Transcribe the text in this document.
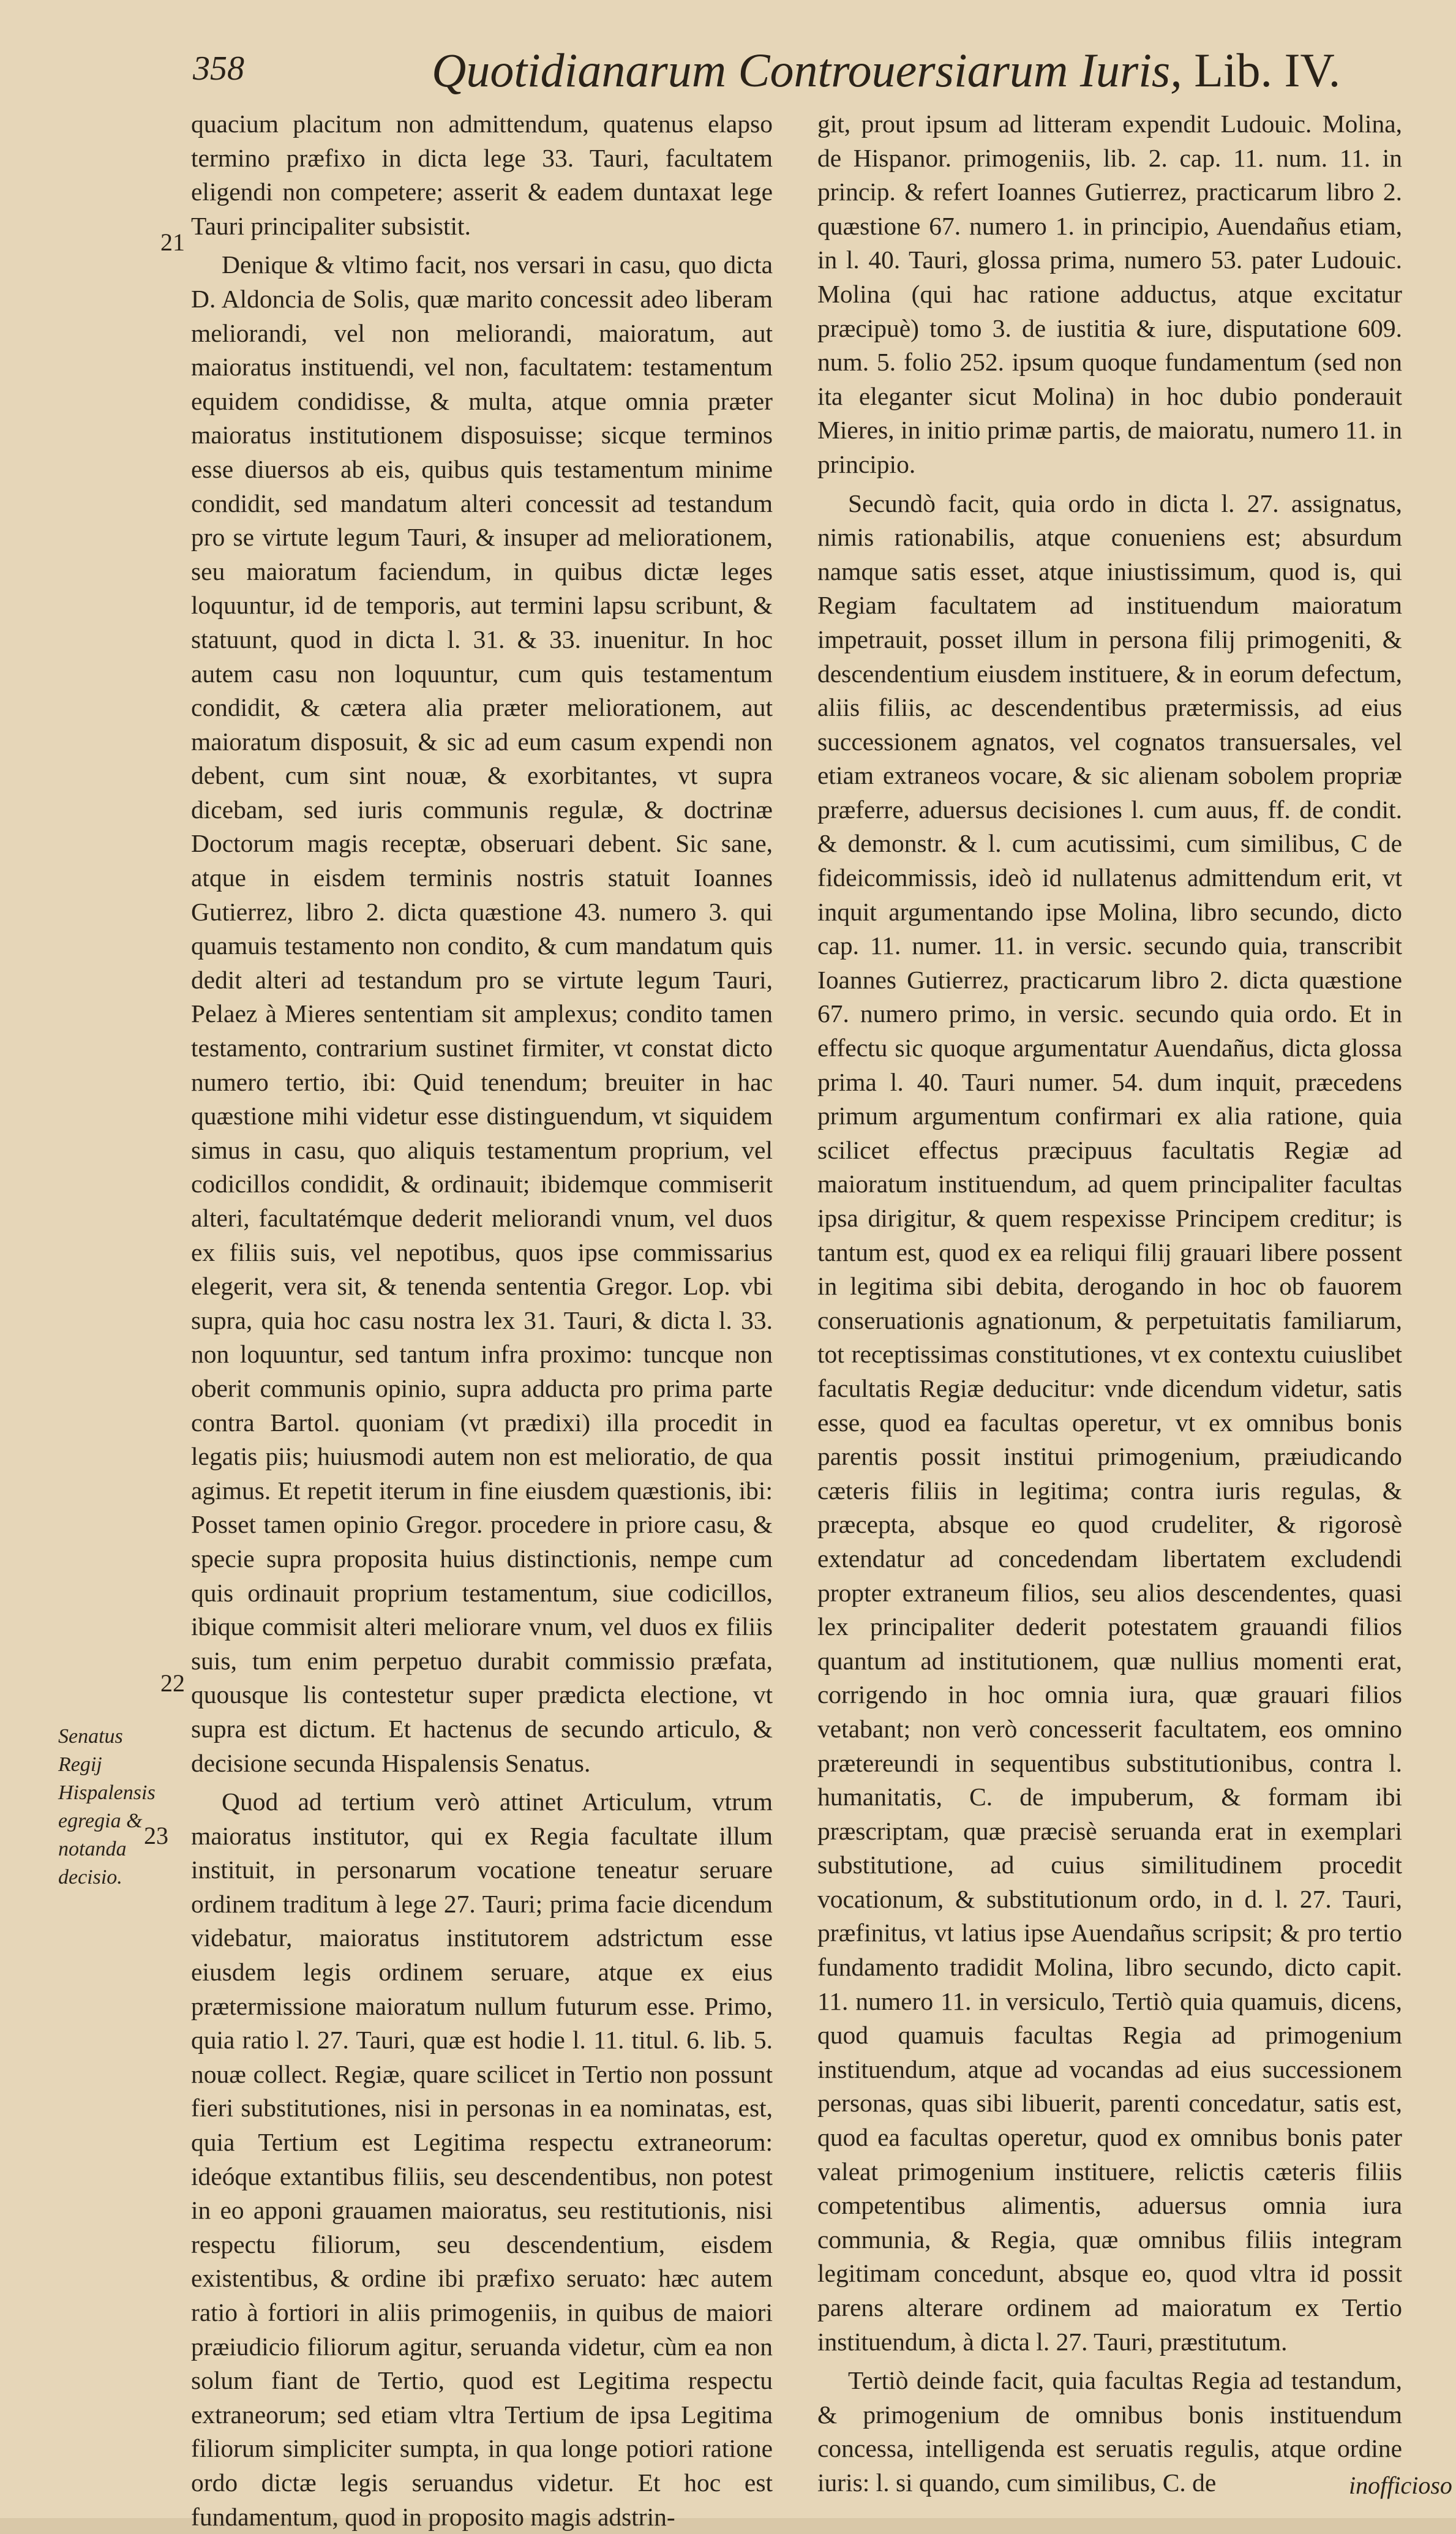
358	Quotidianarum Controuersiarum Iuris, Lib. IV.
21
22
23
Senatus Regij Hispalensis egregia & notanda decisio.

quacium placitum non admittendum, quatenus elapso termino præfixo in dicta lege 33. Tauri, facultatem eligendi non competere; asserit & eadem duntaxat lege Tauri principaliter subsistit.

Denique & vltimo facit, nos versari in casu, quo dicta D. Aldoncia de Solis, quæ marito concessit adeo liberam meliorandi, vel non meliorandi, maioratum, aut maioratus instituendi, vel non, facultatem: testamentum equidem condidisse, & multa, atque omnia præter maioratus institutionem disposuisse; sicque terminos esse diuersos ab eis, quibus quis testamentum minime condidit, sed mandatum alteri concessit ad testandum pro se virtute legum Tauri, & insuper ad meliorationem, seu maioratum faciendum, in quibus dictæ leges loquuntur, id de temporis, aut termini lapsu scribunt, & statuunt, quod in dicta l. 31. & 33. inuenitur. In hoc autem casu non loquuntur, cum quis testamentum condidit, & cætera alia præter meliorationem, aut maioratum disposuit, & sic ad eum casum expendi non debent, cum sint nouæ, & exorbitantes, vt supra dicebam, sed iuris communis regulæ, & doctrinæ Doctorum magis receptæ, obseruari debent. Sic sane, atque in eisdem terminis nostris statuit Ioannes Gutierrez, libro 2. dicta quæstione 43. numero 3. qui quamuis testamento non condito, & cum mandatum quis dedit alteri ad testandum pro se virtute legum Tauri, Pelaez à Mieres sententiam sit amplexus; condito tamen testamento, contrarium sustinet firmiter, vt constat dicto numero tertio, ibi: Quid tenendum; breuiter in hac quæstione mihi videtur esse distinguendum, vt siquidem simus in casu, quo aliquis testamentum proprium, vel codicillos condidit, & ordinauit; ibidemque commiserit alteri, facultatémque dederit meliorandi vnum, vel duos ex filiis suis, vel nepotibus, quos ipse commissarius elegerit, vera sit, & tenenda sententia Gregor. Lop. vbi supra, quia hoc casu nostra lex 31. Tauri, & dicta l. 33. non loquuntur, sed tantum infra proximo: tuncque non oberit communis opinio, supra adducta pro prima parte contra Bartol. quoniam (vt prædixi) illa procedit in legatis piis; huiusmodi autem non est melioratio, de qua agimus. Et repetit iterum in fine eiusdem quæstionis, ibi: Posset tamen opinio Gregor. procedere in priore casu, & specie supra proposita huius distinctionis, nempe cum quis ordinauit proprium testamentum, siue codicillos, ibique commisit alteri meliorare vnum, vel duos ex filiis suis, tum enim perpetuo durabit commissio præfata, quousque lis contestetur super prædicta electione, vt supra est dictum. Et hactenus de secundo articulo, & decisione secunda Hispalensis Senatus.

Quod ad tertium verò attinet Articulum, vtrum maioratus institutor, qui ex Regia facultate illum instituit, in personarum vocatione teneatur seruare ordinem traditum à lege 27. Tauri; prima facie dicendum videbatur, maioratus institutorem adstrictum esse eiusdem legis ordinem seruare, atque ex eius prætermissione maioratum nullum futurum esse. Primo, quia ratio l. 27. Tauri, quæ est hodie l. 11. titul. 6. lib. 5. nouæ collect. Regiæ, quare scilicet in Tertio non possunt fieri substitutiones, nisi in personas in ea nominatas, est, quia Tertium est Legitima respectu extraneorum: ideóque extantibus filiis, seu descendentibus, non potest in eo apponi grauamen maioratus, seu restitutionis, nisi respectu filiorum, seu descendentium, eisdem existentibus, & ordine ibi præfixo seruato: hæc autem ratio à fortiori in aliis primogeniis, in quibus de maiori præiudicio filiorum agitur, seruanda videtur, cùm ea non solum fiant de Tertio, quod est Legitima respectu extraneorum; sed etiam vltra Tertium de ipsa Legitima filiorum simpliciter sumpta, in qua longe potiori ratione ordo dictæ legis seruandus videtur. Et hoc est fundamentum, quod in proposito magis adstrin-

git, prout ipsum ad litteram expendit Ludouic. Molina, de Hispanor. primogeniis, lib. 2. cap. 11. num. 11. in princip. & refert Ioannes Gutierrez, practicarum libro 2. quæstione 67. numero 1. in principio, Auendañus etiam, in l. 40. Tauri, glossa prima, numero 53. pater Ludouic. Molina (qui hac ratione adductus, atque excitatur præcipuè) tomo 3. de iustitia & iure, disputatione 609. num. 5. folio 252. ipsum quoque fundamentum (sed non ita eleganter sicut Molina) in hoc dubio ponderauit Mieres, in initio primæ partis, de maioratu, numero 11. in principio.

Secundò facit, quia ordo in dicta l. 27. assignatus, nimis rationabilis, atque conueniens est; absurdum namque satis esset, atque iniustissimum, quod is, qui Regiam facultatem ad instituendum maioratum impetrauit, posset illum in persona filij primogeniti, & descendentium eiusdem instituere, & in eorum defectum, aliis filiis, ac descendentibus prætermissis, ad eius successionem agnatos, vel cognatos transuersales, vel etiam extraneos vocare, & sic alienam sobolem propriæ præferre, aduersus decisiones l. cum auus, ff. de condit. & demonstr. & l. cum acutissimi, cum similibus, C de fideicommissis, ideò id nullatenus admittendum erit, vt inquit argumentando ipse Molina, libro secundo, dicto cap. 11. numer. 11. in versic. secundo quia, transcribit Ioannes Gutierrez, practicarum libro 2. dicta quæstione 67. numero primo, in versic. secundo quia ordo. Et in effectu sic quoque argumentatur Auendañus, dicta glossa prima l. 40. Tauri numer. 54. dum inquit, præcedens primum argumentum confirmari ex alia ratione, quia scilicet effectus præcipuus facultatis Regiæ ad maioratum instituendum, ad quem principaliter facultas ipsa dirigitur, & quem respexisse Principem creditur; is tantum est, quod ex ea reliqui filij grauari libere possent in legitima sibi debita, derogando in hoc ob fauorem conseruationis agnationum, & perpetuitatis familiarum, tot receptissimas constitutiones, vt ex contextu cuiuslibet facultatis Regiæ deducitur: vnde dicendum videtur, satis esse, quod ea facultas operetur, vt ex omnibus bonis parentis possit institui primogenium, præiudicando cæteris filiis in legitima; contra iuris regulas, & præcepta, absque eo quod crudeliter, & rigorosè extendatur ad concedendam libertatem excludendi propter extraneum filios, seu alios descendentes, quasi lex principaliter dederit potestatem grauandi filios quantum ad institutionem, quæ nullius momenti erat, corrigendo in hoc omnia iura, quæ grauari filios vetabant; non verò concesserit facultatem, eos omnino prætereundi in sequentibus substitutionibus, contra l. humanitatis, C. de impuberum, & formam ibi præscriptam, quæ præcisè seruanda erat in exemplari substitutione, ad cuius similitudinem procedit vocationum, & substitutionum ordo, in d. l. 27. Tauri, præfinitus, vt latius ipse Auendañus scripsit; & pro tertio fundamento tradidit Molina, libro secundo, dicto capit. 11. numero 11. in versiculo, Tertiò quia quamuis, dicens, quod quamuis facultas Regia ad primogenium instituendum, atque ad vocandas ad eius successionem personas, quas sibi libuerit, parenti concedatur, satis est, quod ea facultas operetur, quod ex omnibus bonis pater valeat primogenium instituere, relictis cæteris filiis competentibus alimentis, aduersus omnia iura communia, & Regia, quæ omnibus filiis integram legitimam concedunt, absque eo, quod vltra id possit parens alterare ordinem ad maioratum ex Tertio instituendum, à dicta l. 27. Tauri, præstitutum.

Tertiò deinde facit, quia facultas Regia ad testandum, & primogenium de omnibus bonis instituendum concessa, intelligenda est seruatis regulis, atque ordine iuris: l. si quando, cum similibus, C. de	inofficioso
